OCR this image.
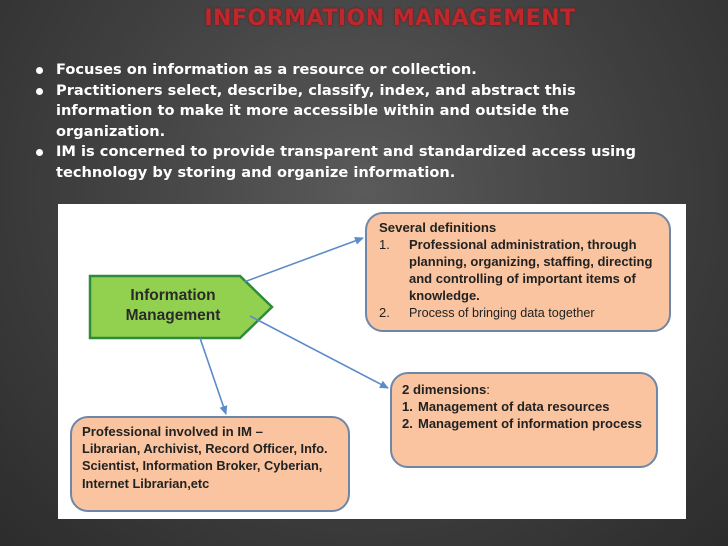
INFORMATION MANAGEMENT
Focuses on information as a resource or collection.
Practitioners select, describe, classify, index, and abstract this information to make it more accessible within and outside the organization.
IM is concerned to provide transparent and standardized access using technology by storing and organize information.
Information
Management
Several definitions
1. Professional administration, through planning, organizing, staffing, directing and controlling of important items of knowledge.
2. Process of bringing data together
2 dimensions:
1. Management of data resources
2. Management of information process
Professional involved in IM –
Librarian, Archivist, Record Officer, Info. Scientist, Information Broker, Cyberian, Internet Librarian,etc
